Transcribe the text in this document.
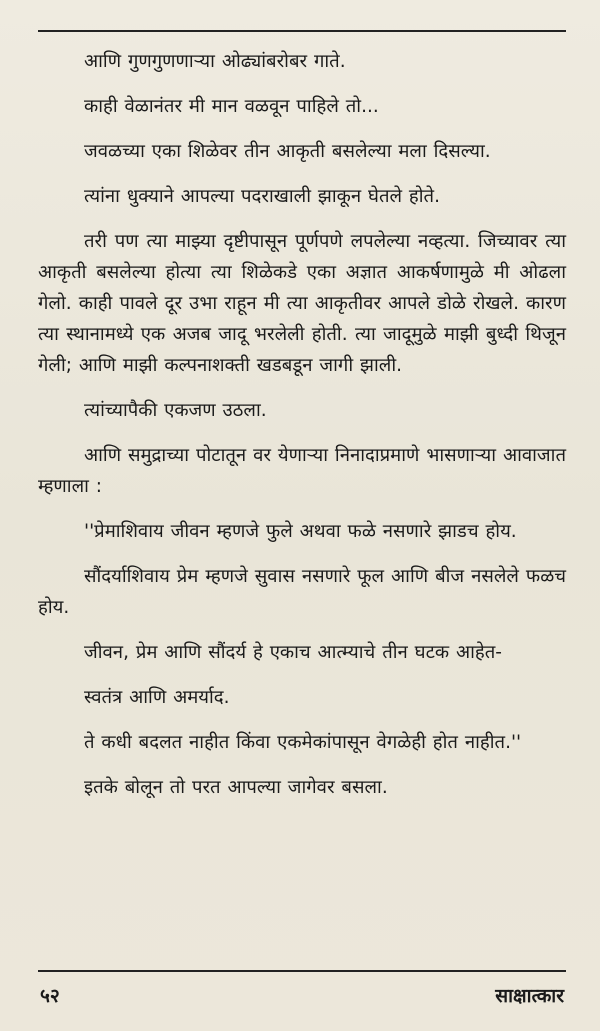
आणि गुणगुणणाऱ्या ओढ्यांबरोबर गाते.

काही वेळानंतर मी मान वळवून पाहिले तो...

जवळच्या एका शिळेवर तीन आकृती बसलेल्या मला दिसल्या.

त्यांना धुक्याने आपल्या पदराखाली झाकून घेतले होते.

तरी पण त्या माझ्या दृष्टीपासून पूर्णपणे लपलेल्या नव्हत्या. जिच्यावर त्या आकृती बसलेल्या होत्या त्या शिळेकडे एका अज्ञात आकर्षणामुळे मी ओढला गेलो. काही पावले दूर उभा राहून मी त्या आकृतीवर आपले डोळे रोखले. कारण त्या स्थानामध्ये एक अजब जादू भरलेली होती. त्या जादूमुळे माझी बुध्दी थिजून गेली; आणि माझी कल्पनाशक्ती खडबडून जागी झाली.

त्यांच्यापैकी एकजण उठला.

आणि समुद्राच्या पोटातून वर येणाऱ्या निनादाप्रमाणे भासणाऱ्या आवाजात म्हणाला :

''प्रेमाशिवाय जीवन म्हणजे फुले अथवा फळे नसणारे झाडच होय.

सौंदर्याशिवाय प्रेम म्हणजे सुवास नसणारे फूल आणि बीज नसलेले फळच होय.

जीवन, प्रेम आणि सौंदर्य हे एकाच आत्म्याचे तीन घटक आहेत-

स्वतंत्र आणि अमर्याद.

ते कधी बदलत नाहीत किंवा एकमेकांपासून वेगळेही होत नाहीत.''

इतके बोलून तो परत आपल्या जागेवर बसला.

५२	साक्षात्कार
